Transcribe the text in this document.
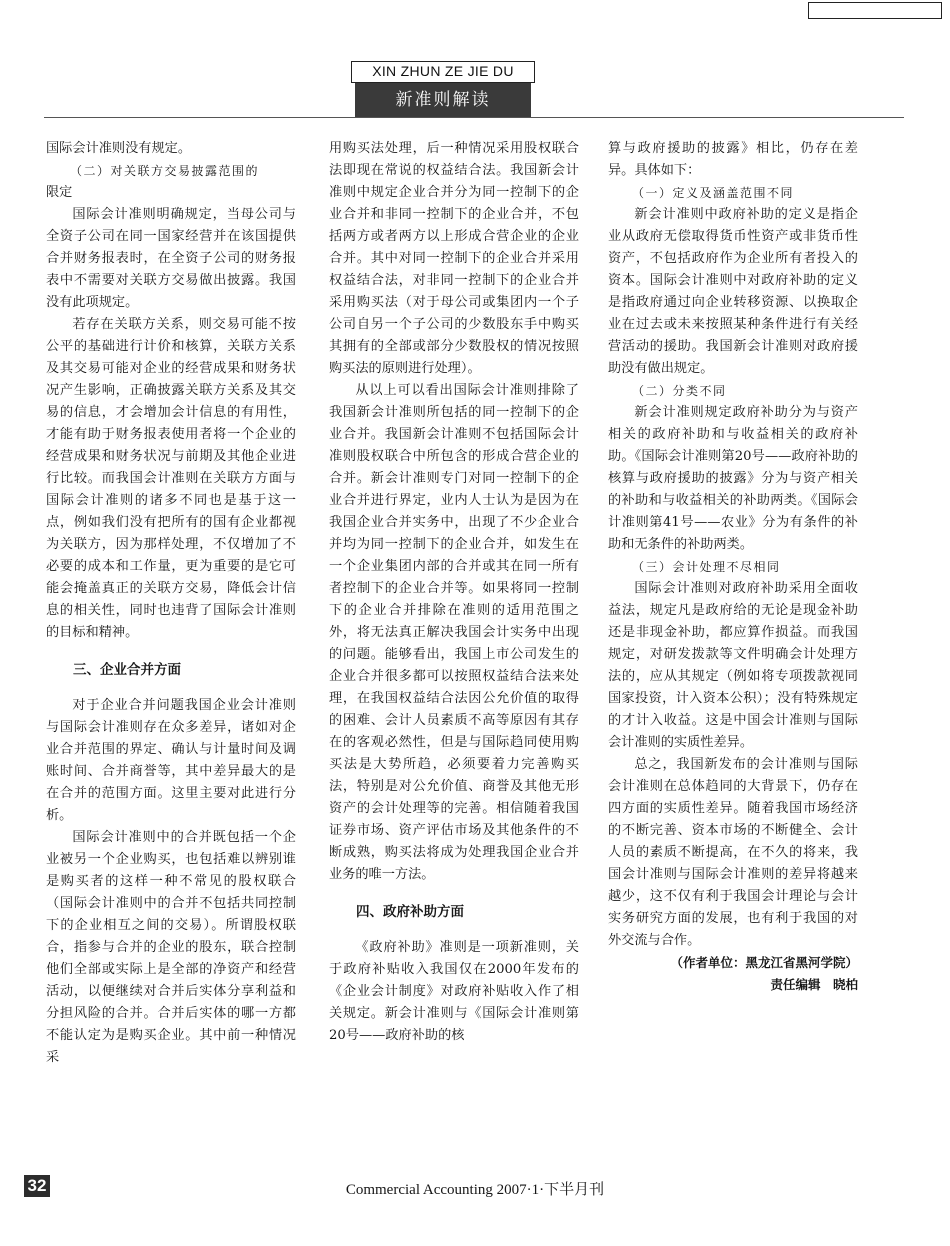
XIN ZHUN ZE JIE DU
新准则解读

国际会计准则没有规定。

（二）对关联方交易披露范围的

限定

国际会计准则明确规定，当母公司与全资子公司在同一国家经营并在该国提供合并财务报表时，在全资子公司的财务报表中不需要对关联方交易做出披露。我国没有此项规定。

若存在关联方关系，则交易可能不按公平的基础进行计价和核算，关联方关系及其交易可能对企业的经营成果和财务状况产生影响，正确披露关联方关系及其交易的信息，才会增加会计信息的有用性，才能有助于财务报表使用者将一个企业的经营成果和财务状况与前期及其他企业进行比较。而我国会计准则在关联方方面与国际会计准则的诸多不同也是基于这一点，例如我们没有把所有的国有企业都视为关联方，因为那样处理，不仅增加了不必要的成本和工作量，更为重要的是它可能会掩盖真正的关联方交易，降低会计信息的相关性，同时也违背了国际会计准则的目标和精神。

三、企业合并方面

对于企业合并问题我国企业会计准则与国际会计准则存在众多差异，诸如对企业合并范围的界定、确认与计量时间及调账时间、合并商誉等，其中差异最大的是在合并的范围方面。这里主要对此进行分析。

国际会计准则中的合并既包括一个企业被另一个企业购买，也包括难以辨别谁是购买者的这样一种不常见的股权联合（国际会计准则中的合并不包括共同控制下的企业相互之间的交易）。所谓股权联合，指参与合并的企业的股东，联合控制他们全部或实际上是全部的净资产和经营活动，以便继续对合并后实体分享利益和分担风险的合并。合并后实体的哪一方都不能认定为是购买企业。其中前一种情况采

用购买法处理，后一种情况采用股权联合法即现在常说的权益结合法。我国新会计准则中规定企业合并分为同一控制下的企业合并和非同一控制下的企业合并，不包括两方或者两方以上形成合营企业的企业合并。其中对同一控制下的企业合并采用权益结合法，对非同一控制下的企业合并采用购买法（对于母公司或集团内一个子公司自另一个子公司的少数股东手中购买其拥有的全部或部分少数股权的情况按照购买法的原则进行处理）。

从以上可以看出国际会计准则排除了我国新会计准则所包括的同一控制下的企业合并。我国新会计准则不包括国际会计准则股权联合中所包含的形成合营企业的合并。新会计准则专门对同一控制下的企业合并进行界定，业内人士认为是因为在我国企业合并实务中，出现了不少企业合并均为同一控制下的企业合并，如发生在一个企业集团内部的合并或其在同一所有者控制下的企业合并等。如果将同一控制下的企业合并排除在准则的适用范围之外，将无法真正解决我国会计实务中出现的问题。能够看出，我国上市公司发生的企业合并很多都可以按照权益结合法来处理，在我国权益结合法因公允价值的取得的困难、会计人员素质不高等原因有其存在的客观必然性，但是与国际趋同使用购买法是大势所趋，必须要着力完善购买法，特别是对公允价值、商誉及其他无形资产的会计处理等的完善。相信随着我国证券市场、资产评估市场及其他条件的不断成熟，购买法将成为处理我国企业合并业务的唯一方法。

四、政府补助方面

《政府补助》准则是一项新准则，关于政府补贴收入我国仅在2000年发布的《企业会计制度》对政府补贴收入作了相关规定。新会计准则与《国际会计准则第20号——政府补助的核

算与政府援助的披露》相比，仍存在差异。具体如下：

（一）定义及涵盖范围不同

新会计准则中政府补助的定义是指企业从政府无偿取得货币性资产或非货币性资产，不包括政府作为企业所有者投入的资本。国际会计准则中对政府补助的定义是指政府通过向企业转移资源、以换取企业在过去或未来按照某种条件进行有关经营活动的援助。我国新会计准则对政府援助没有做出规定。

（二）分类不同

新会计准则规定政府补助分为与资产相关的政府补助和与收益相关的政府补助。《国际会计准则第20号——政府补助的核算与政府援助的披露》分为与资产相关的补助和与收益相关的补助两类。《国际会计准则第41号——农业》分为有条件的补助和无条件的补助两类。

（三）会计处理不尽相同

国际会计准则对政府补助采用全面收益法，规定凡是政府给的无论是现金补助还是非现金补助，都应算作损益。而我国规定，对研发拨款等文件明确会计处理方法的，应从其规定（例如将专项拨款视同国家投资，计入资本公积）；没有特殊规定的才计入收益。这是中国会计准则与国际会计准则的实质性差异。

总之，我国新发布的会计准则与国际会计准则在总体趋同的大背景下，仍存在四方面的实质性差异。随着我国市场经济的不断完善、资本市场的不断健全、会计人员的素质不断提高，在不久的将来，我国会计准则与国际会计准则的差异将越来越少，这不仅有利于我国会计理论与会计实务研究方面的发展，也有利于我国的对外交流与合作。

（作者单位：黑龙江省黑河学院）

责任编辑　晓柏

32	Commercial Accounting 2007·1·下半月刊
